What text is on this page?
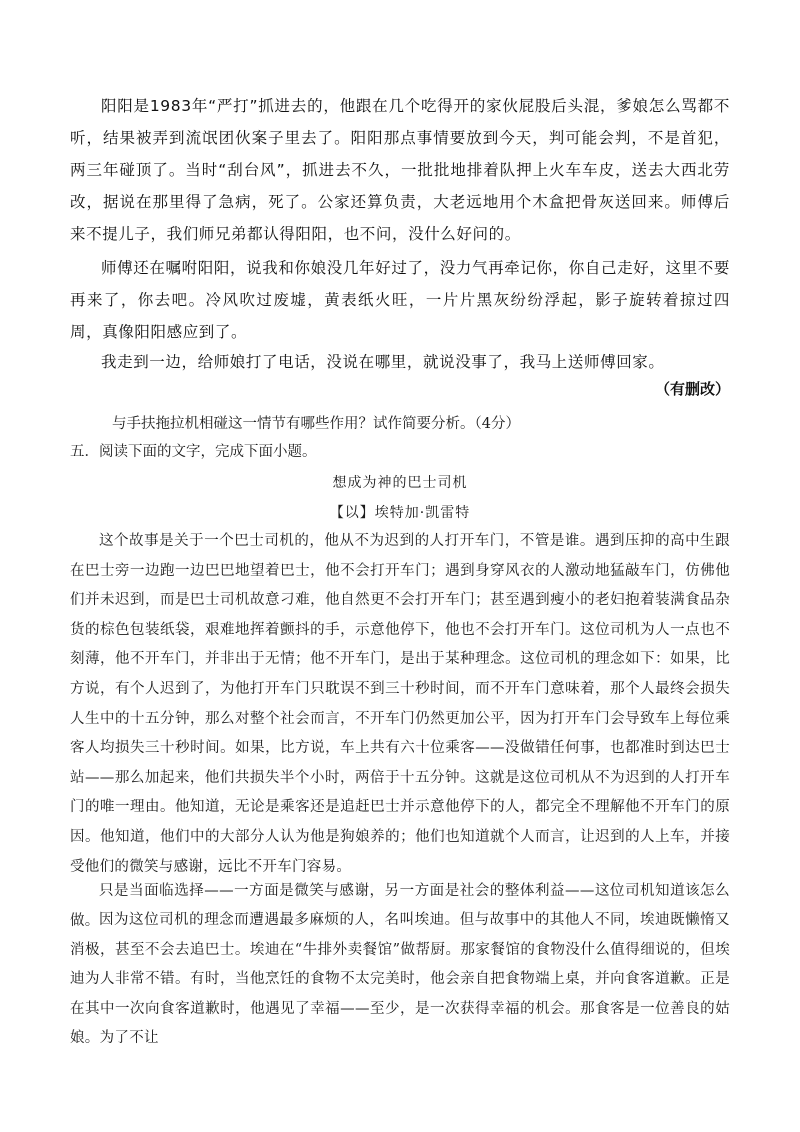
阳阳是1983年“严打”抓进去的，他跟在几个吃得开的家伙屁股后头混，爹娘怎么骂都不听，结果被弄到流氓团伙案子里去了。阳阳那点事情要放到今天，判可能会判，不是首犯，两三年碰顶了。当时“刮台风”，抓进去不久，一批批地排着队押上火车车皮，送去大西北劳改，据说在那里得了急病，死了。公家还算负责，大老远地用个木盒把骨灰送回来。师傅后来不提儿子，我们师兄弟都认得阳阳，也不问，没什么好问的。

师傅还在嘱咐阳阳，说我和你娘没几年好过了，没力气再牵记你，你自己走好，这里不要再来了，你去吧。冷风吹过废墟，黄表纸火旺，一片片黑灰纷纷浮起，影子旋转着掠过四周，真像阳阳感应到了。

我走到一边，给师娘打了电话，没说在哪里，就说没事了，我马上送师傅回家。

（有删改）
与手扶拖拉机相碰这一情节有哪些作用？试作简要分析。（4分）
五．阅读下面的文字，完成下面小题。
想成为神的巴士司机
【以】埃特加·凯雷特

这个故事是关于一个巴士司机的，他从不为迟到的人打开车门，不管是谁。遇到压抑的高中生跟在巴士旁一边跑一边巴巴地望着巴士，他不会打开车门；遇到身穿风衣的人激动地猛敲车门，仿佛他们并未迟到，而是巴士司机故意刁难，他自然更不会打开车门；甚至遇到瘦小的老妇抱着装满食品杂货的棕色包装纸袋，艰难地挥着颤抖的手，示意他停下，他也不会打开车门。这位司机为人一点也不刻薄，他不开车门，并非出于无情；他不开车门，是出于某种理念。这位司机的理念如下：如果，比方说，有个人迟到了，为他打开车门只耽误不到三十秒时间，而不开车门意味着，那个人最终会损失人生中的十五分钟，那么对整个社会而言，不开车门仍然更加公平，因为打开车门会导致车上每位乘客人均损失三十秒时间。如果，比方说，车上共有六十位乘客——没做错任何事，也都准时到达巴士站——那么加起来，他们共损失半个小时，两倍于十五分钟。这就是这位司机从不为迟到的人打开车门的唯一理由。他知道，无论是乘客还是追赶巴士并示意他停下的人，都完全不理解他不开车门的原因。他知道，他们中的大部分人认为他是狗娘养的；他们也知道就个人而言，让迟到的人上车，并接受他们的微笑与感谢，远比不开车门容易。

只是当面临选择——一方面是微笑与感谢，另一方面是社会的整体利益——这位司机知道该怎么做。 因为这位司机的理念而遭遇最多麻烦的人，名叫埃迪。但与故事中的其他人不同，埃迪既懒惰又消极，甚至不会去追巴士。埃迪在“牛排外卖餐馆”做帮厨。那家餐馆的食物没什么值得细说的，但埃迪为人非常不错。有时，当他烹饪的食物不太完美时，他会亲自把食物端上桌，并向食客道歉。正是在其中一次向食客道歉时，他遇见了幸福——至少，是一次获得幸福的机会。那食客是一位善良的姑娘。为了不让
